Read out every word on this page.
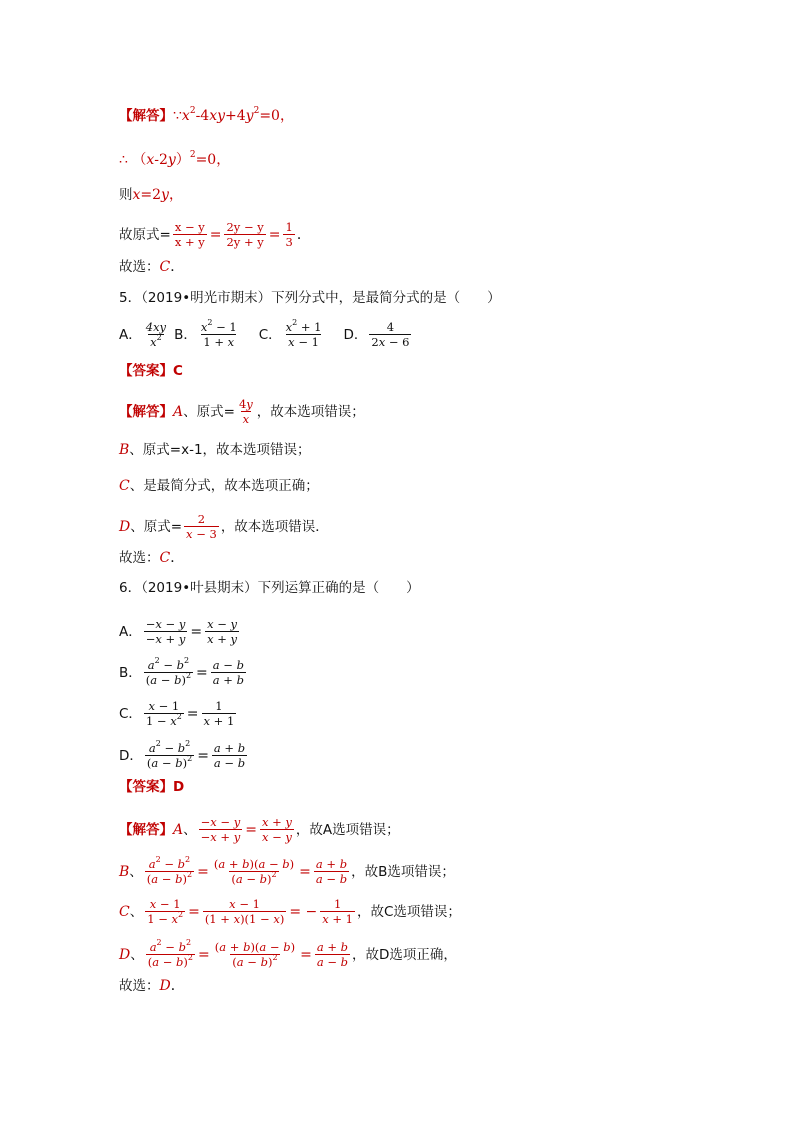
【解答】 ∵ $x^2-4xy+4y^2=0$，
∴ $(x-2y)^2=0$，
则 x=2y，
故原式= $\frac{x - y}{x + y} = \frac{2y - y}{2y + y} = \frac{1}{3}$ ．
故选： C ．
5．（2019•明光市期末）下列分式中，是最简分式的是（　　）
A． $\frac{4xy}{x^2}$ B． $\frac{x^2 - 1}{1 + x}$ C． $\frac{x^2 + 1}{x - 1}$ D． $\frac{4}{2x - 6}$
【答案】 C
【解答】 A 、原式= $\frac{4y}{x}$ ，故本选项错误；
B 、原式=x-1，故本选项错误；
C 、是最简分式，故本选项正确；
D 、原式= $\frac{2}{x - 3}$ ，故本选项错误．
故选： C ．
6．（2019•叶县期末）下列运算正确的是（　　）
A． $\frac{-x - y}{-x + y} = \frac{x - y}{x + y}$
B． $\frac{a^2 - b^2}{(a - b)^2} = \frac{a - b}{a + b}$
C． $\frac{x - 1}{1 - x^2} = \frac{1}{x + 1}$
D． $\frac{a^2 - b^2}{(a - b)^2} = \frac{a + b}{a - b}$
【答案】 D
【解答】 A 、 $\frac{-x - y}{-x + y} = \frac{x + y}{x - y}$ ，故A选项错误；
B 、 $\frac{a^2 - b^2}{(a - b)^2} = \frac{(a + b)(a - b)}{(a - b)^2} = \frac{a + b}{a - b}$ ，故B选项错误；
C 、 $\frac{x - 1}{1 - x^2} = \frac{x - 1}{(1 + x)(1 - x)}$ = − $\frac{1}{x + 1}$ ，故C选项错误；
D 、 $\frac{a^2 - b^2}{(a - b)^2} = \frac{(a + b)(a - b)}{(a - b)^2} = \frac{a + b}{a - b}$ ，故D选项正确，
故选： D ．
